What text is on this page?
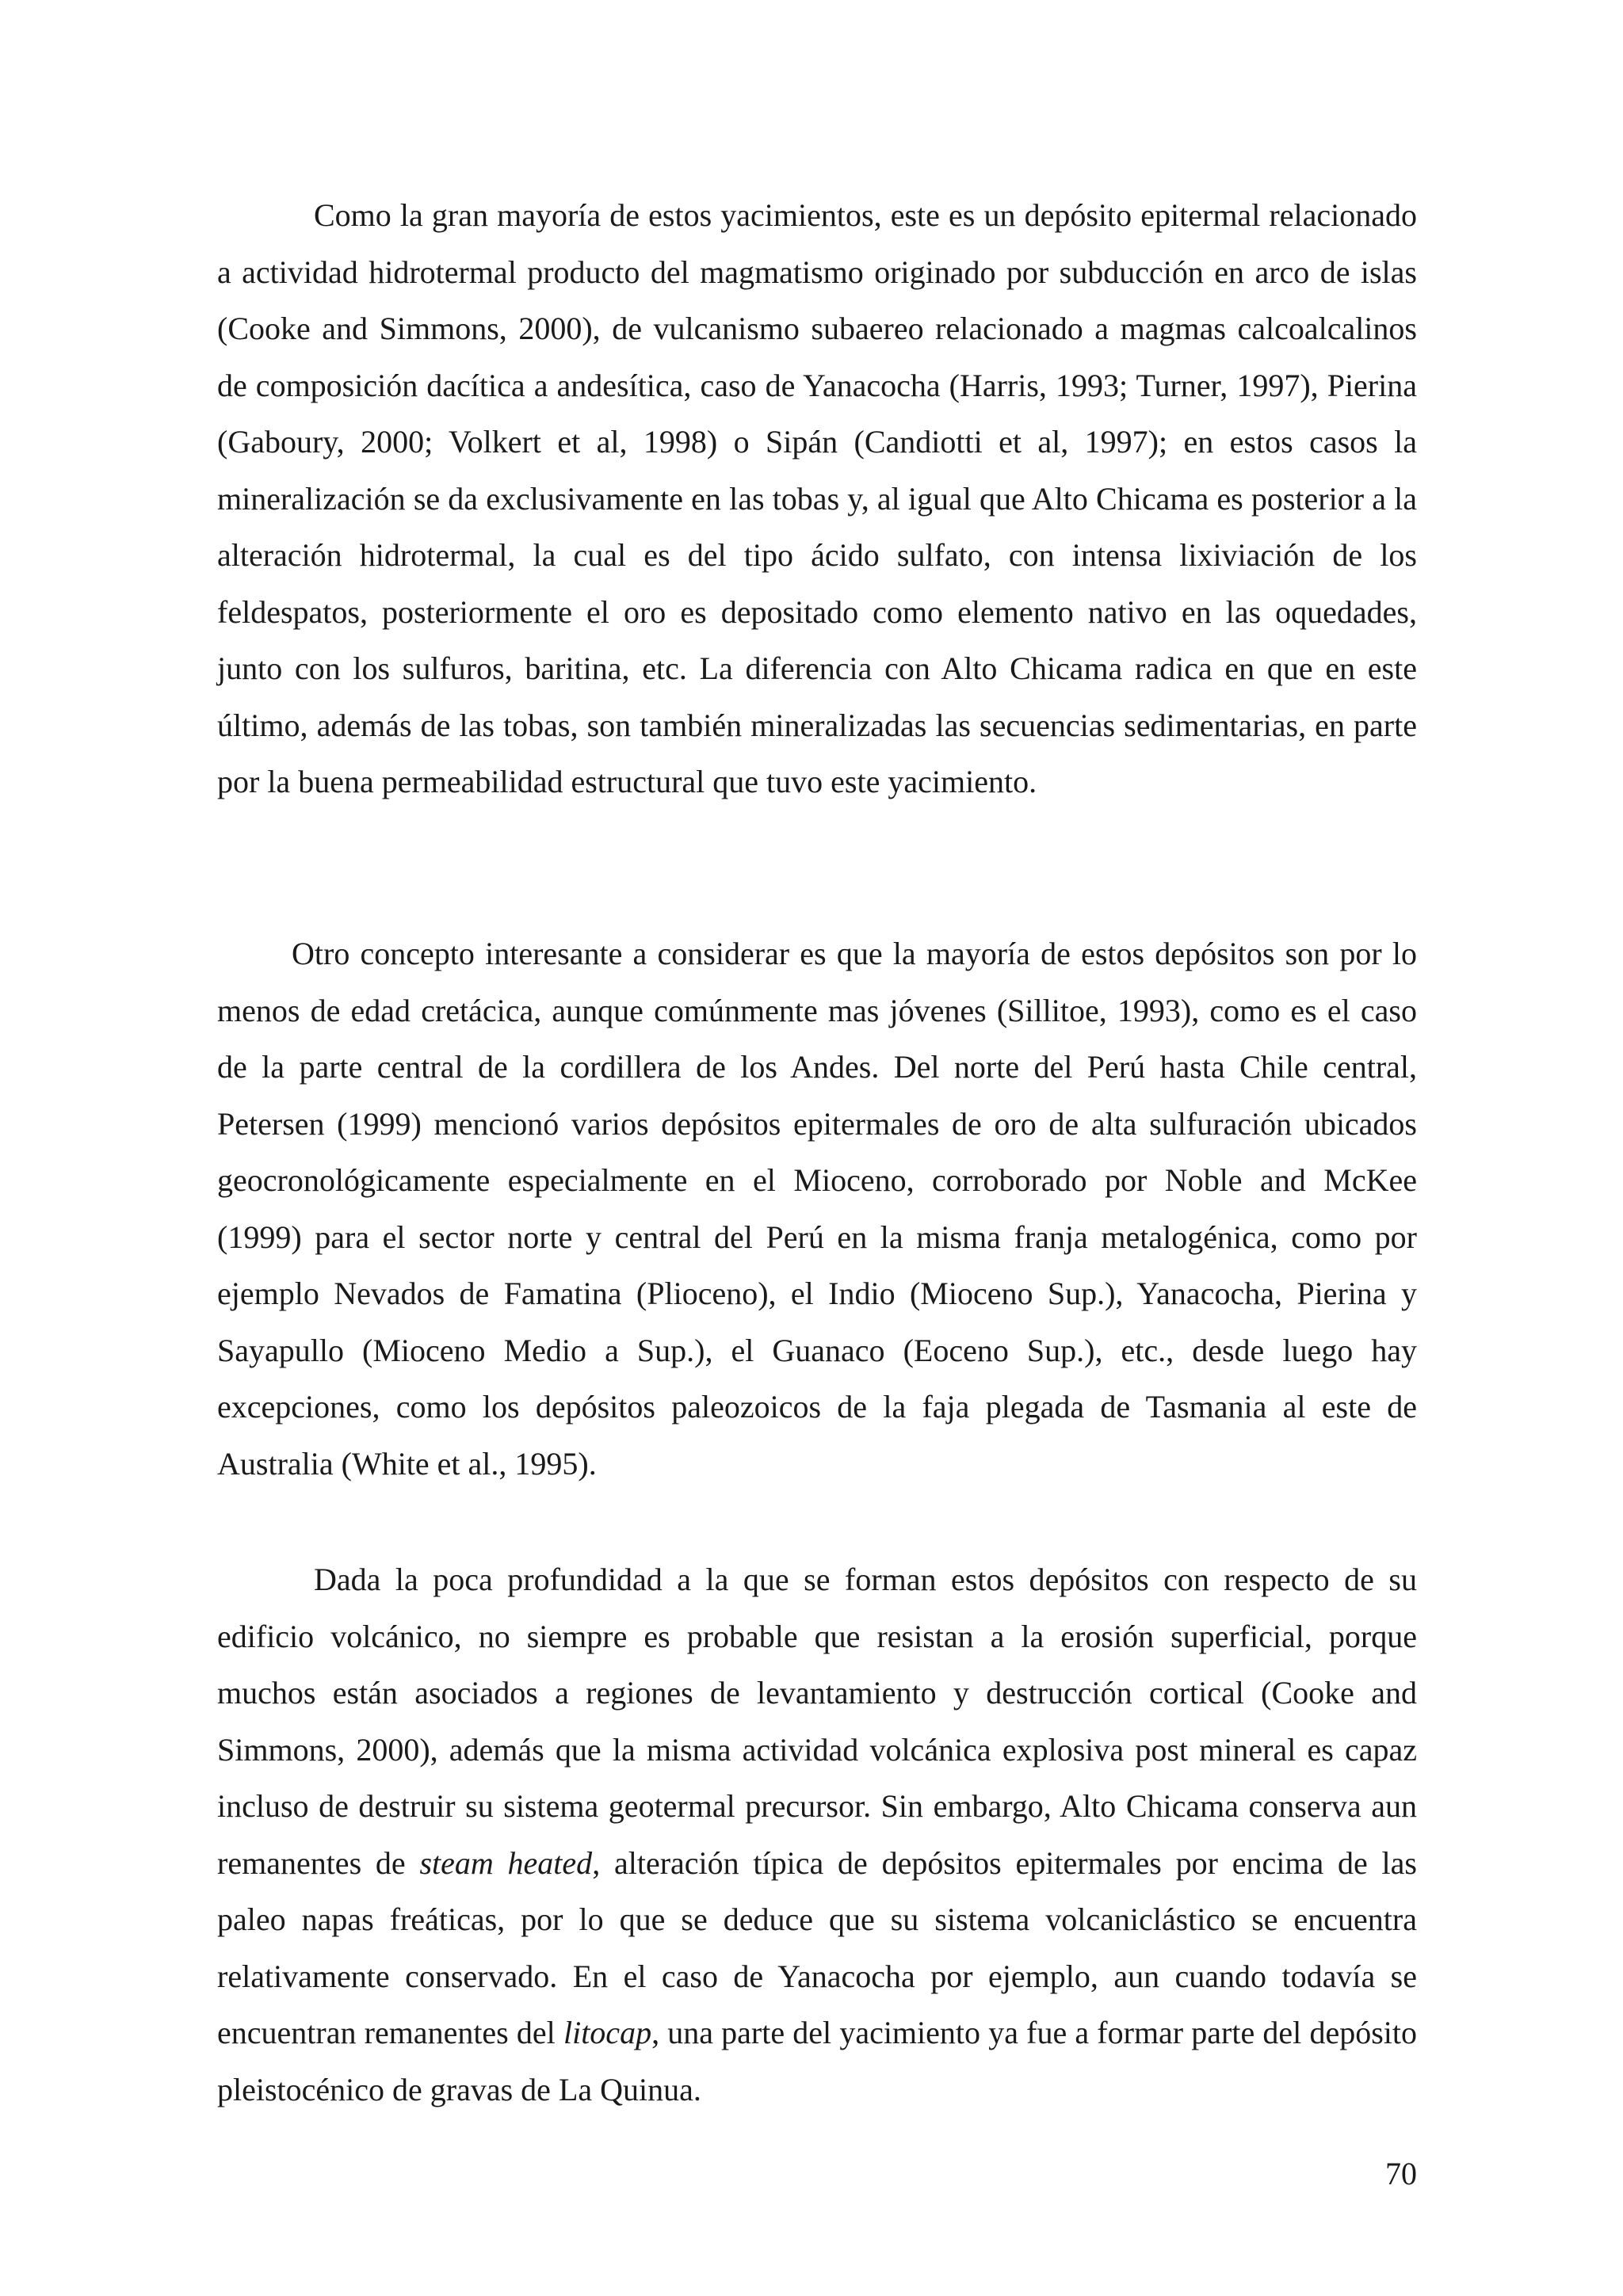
Como la gran mayoría de estos yacimientos, este es un depósito epitermal relacionado a actividad hidrotermal producto del magmatismo originado por subducción en arco de islas (Cooke and Simmons, 2000), de vulcanismo subaereo relacionado a magmas calcoalcalinos de composición dacítica a andesítica, caso de Yanacocha (Harris, 1993; Turner, 1997), Pierina (Gaboury, 2000; Volkert et al, 1998) o Sipán (Candiotti et al, 1997); en estos casos la mineralización se da exclusivamente en las tobas y, al igual que Alto Chicama es posterior a la alteración hidrotermal, la cual es del tipo ácido sulfato, con intensa lixiviación de los feldespatos, posteriormente el oro es depositado como elemento nativo en las oquedades, junto con los sulfuros, baritina, etc. La diferencia con Alto Chicama radica en que en este último, además de las tobas, son también mineralizadas las secuencias sedimentarias, en parte por la buena permeabilidad estructural que tuvo este yacimiento.

Otro concepto interesante a considerar es que la mayoría de estos depósitos son por lo menos de edad cretácica, aunque comúnmente mas jóvenes (Sillitoe, 1993), como es el caso de la parte central de la cordillera de los Andes. Del norte del Perú hasta Chile central, Petersen (1999) mencionó varios depósitos epitermales de oro de alta sulfuración ubicados geocronológicamente especialmente en el Mioceno, corroborado por Noble and McKee (1999) para el sector norte y central del Perú en la misma franja metalogénica, como por ejemplo Nevados de Famatina (Plioceno), el Indio (Mioceno Sup.), Yanacocha, Pierina y Sayapullo (Mioceno Medio a Sup.), el Guanaco (Eoceno Sup.), etc., desde luego hay excepciones, como los depósitos paleozoicos de la faja plegada de Tasmania al este de Australia (White et al., 1995).

Dada la poca profundidad a la que se forman estos depósitos con respecto de su edificio volcánico, no siempre es probable que resistan a la erosión superficial, porque muchos están asociados a regiones de levantamiento y destrucción cortical (Cooke and Simmons, 2000), además que la misma actividad volcánica explosiva post mineral es capaz incluso de destruir su sistema geotermal precursor. Sin embargo, Alto Chicama conserva aun remanentes de steam heated, alteración típica de depósitos epitermales por encima de las paleo napas freáticas, por lo que se deduce que su sistema volcaniclástico se encuentra relativamente conservado. En el caso de Yanacocha por ejemplo, aun cuando todavía se encuentran remanentes del litocap, una parte del yacimiento ya fue a formar parte del depósito pleistocénico de gravas de La Quinua.

70
